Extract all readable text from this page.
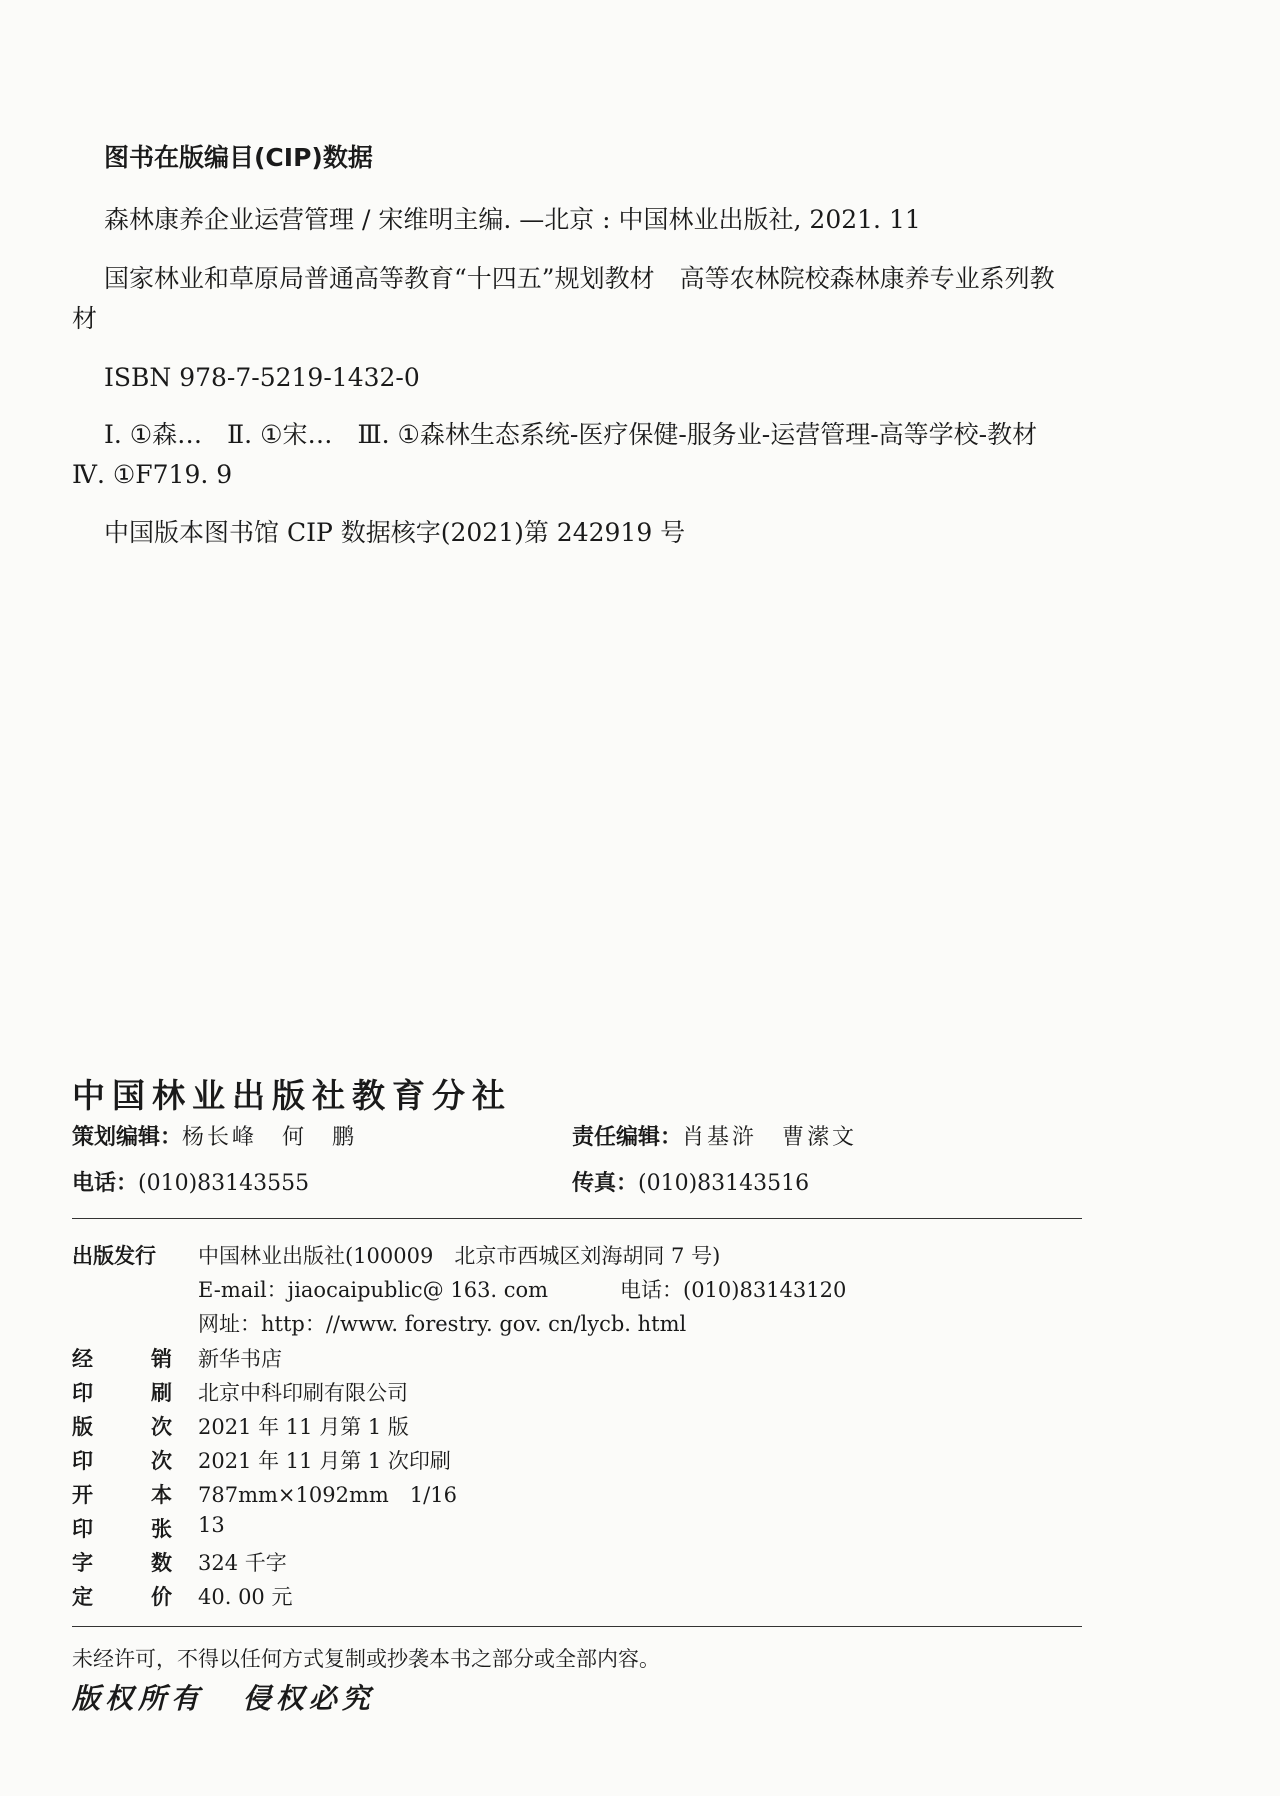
图书在版编目(CIP)数据
森林康养企业运营管理 / 宋维明主编. —北京 : 中国林业出版社, 2021. 11
国家林业和草原局普通高等教育“十四五”规划教材　高等农林院校森林康养专业系列教材
ISBN 978-7-5219-1432-0
Ⅰ. ①森…　Ⅱ. ①宋…　Ⅲ. ①森林生态系统-医疗保健-服务业-运营管理-高等学校-教材　Ⅳ. ①F719. 9
中国版本图书馆 CIP 数据核字(2021)第 242919 号
中国林业出版社教育分社
策划编辑：杨长峰　何　鹏	责任编辑：肖基浒　曹潆文
电话：(010)83143555	传真：(010)83143516
出版发行	中国林业出版社(100009　北京市西城区刘海胡同 7 号)
E-mail：jiaocaipublic@ 163. com	电话：(010)83143120
网址：http：//www. forestry. gov. cn/lycb. html
经	销 新华书店
印	刷 北京中科印刷有限公司
版	次 2021 年 11 月第 1 版
印	次 2021 年 11 月第 1 次印刷
开	本 787mm×1092mm　1/16
印	张 13
字	数 324 千字
定	价 40. 00 元
未经许可，不得以任何方式复制或抄袭本书之部分或全部内容。
版权所有 侵权必究
